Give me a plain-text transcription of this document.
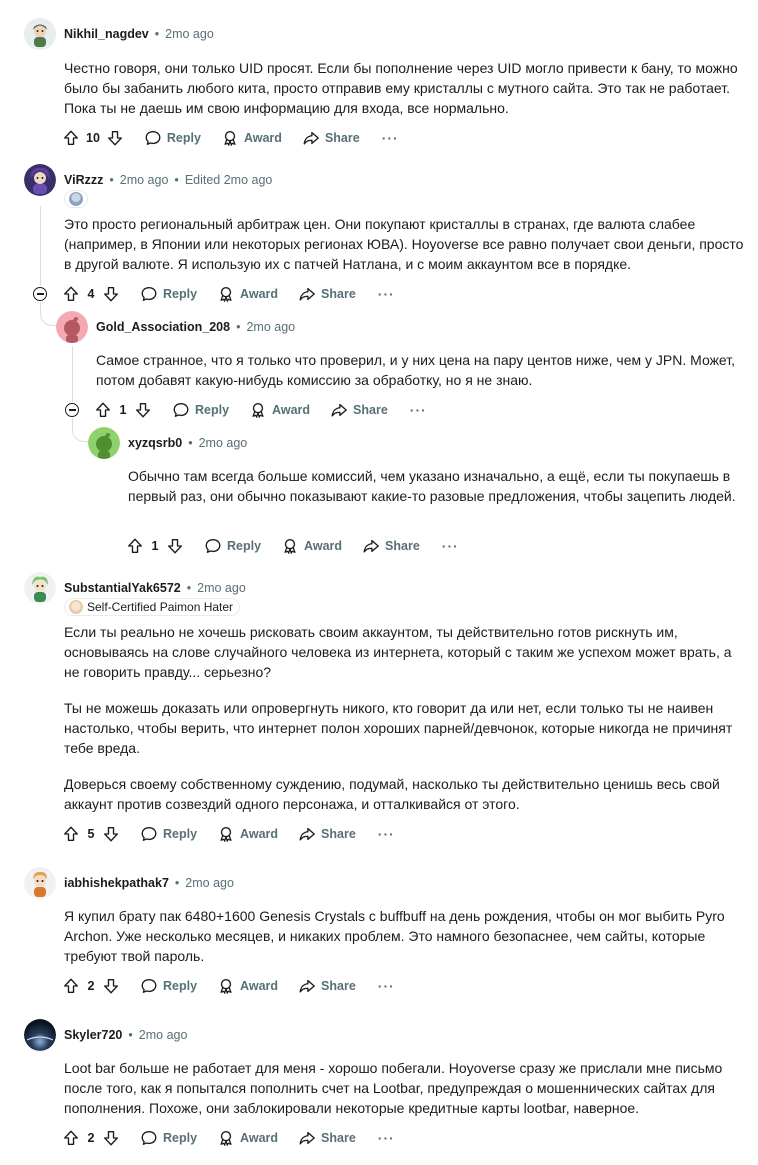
Nikhil_nagdev • 2mo ago

Честно говоря, они только UID просят. Если бы пополнение через UID могло привести к бану, то можно было бы забанить любого кита, просто отправив ему кристаллы с мутного сайта. Это так не работает. Пока ты не даешь им свою информацию для входа, все нормально.

10	Reply	Award	Share ···
ViRzzz • 2mo ago • Edited 2mo ago

Это просто региональный арбитраж цен. Они покупают кристаллы в странах, где валюта слабее (например, в Японии или некоторых регионах ЮВА). Hoyoverse все равно получает свои деньги, просто в другой валюте. Я использую их с патчей Натлана, и с моим аккаунтом все в порядке.

4	Reply	Award	Share ···
Gold_Association_208 • 2mo ago

Самое странное, что я только что проверил, и у них цена на пару центов ниже, чем у JPN. Может, потом добавят какую-нибудь комиссию за обработку, но я не знаю.

1	Reply	Award	Share ···
xyzqsrb0 • 2mo ago

Обычно там всегда больше комиссий, чем указано изначально, а ещё, если ты покупаешь в первый раз, они обычно показывают какие-то разовые предложения, чтобы зацепить людей.

1	Reply	Award	Share ···
SubstantialYak6572 • 2mo ago
Self-Certified Paimon Hater

Если ты реально не хочешь рисковать своим аккаунтом, ты действительно готов рискнуть им, основываясь на слове случайного человека из интернета, который с таким же успехом может врать, а не говорить правду... серьезно?

Ты не можешь доказать или опровергнуть никого, кто говорит да или нет, если только ты не наивен настолько, чтобы верить, что интернет полон хороших парней/девчонок, которые никогда не причинят тебе вреда.

Доверься своему собственному суждению, подумай, насколько ты действительно ценишь весь свой аккаунт против созвездий одного персонажа, и отталкивайся от этого.

5	Reply	Award	Share ···
iabhishekpathak7 • 2mo ago

Я купил брату пак 6480+1600 Genesis Crystals с buffbuff на день рождения, чтобы он мог выбить Pyro Archon. Уже несколько месяцев, и никаких проблем. Это намного безопаснее, чем сайты, которые требуют твой пароль.

2	Reply	Award	Share ···
Skyler720 • 2mo ago

Loot bar больше не работает для меня - хорошо побегали. Hoyoverse сразу же прислали мне письмо после того, как я попытался пополнить счет на Lootbar, предупреждая о мошеннических сайтах для пополнения. Похоже, они заблокировали некоторые кредитные карты lootbar, наверное.

2	Reply	Award	Share ···
